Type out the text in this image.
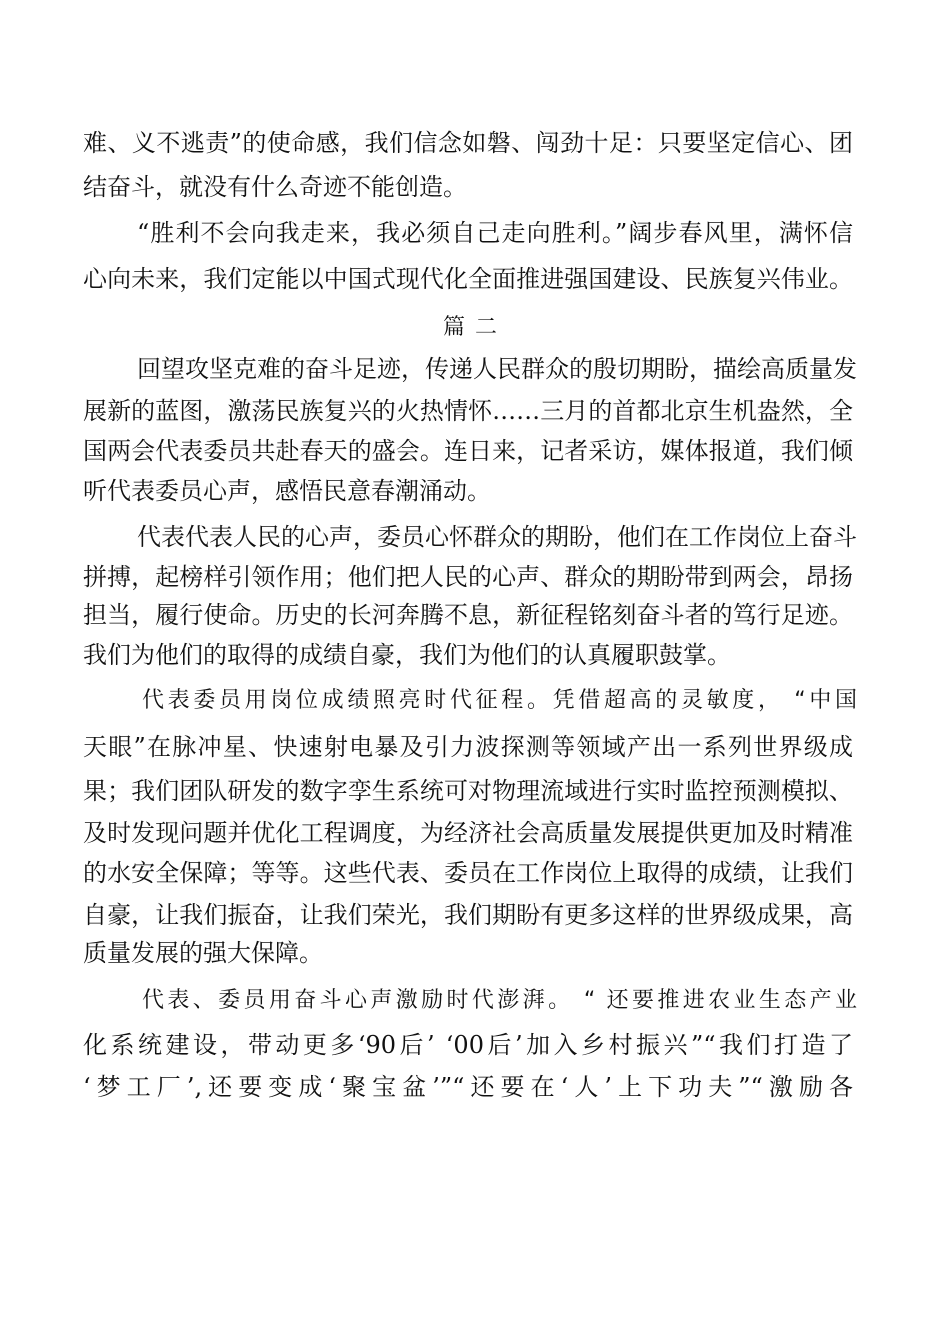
难、义不逃责”的使命感，我们信念如磐、闯劲十足：只要坚定信心、团
结奋斗，就没有什么奇迹不能创造。
“胜利不会向我走来，我必须自己走向胜利。”阔步春风里，满怀信
心向未来，我们定能以中国式现代化全面推进强国建设、民族复兴伟业。
篇二
回望攻坚克难的奋斗足迹，传递人民群众的殷切期盼，描绘高质量发
展新的蓝图，激荡民族复兴的火热情怀……三月的首都北京生机盎然，全
国两会代表委员共赴春天的盛会。连日来，记者采访，媒体报道，我们倾
听代表委员心声，感悟民意春潮涌动。
代表代表人民的心声，委员心怀群众的期盼，他们在工作岗位上奋斗
拼搏，起榜样引领作用；他们把人民的心声、群众的期盼带到两会，昂扬
担当，履行使命。历史的长河奔腾不息，新征程铭刻奋斗者的笃行足迹。
我们为他们的取得的成绩自豪，我们为他们的认真履职鼓掌。
代表委员用岗位成绩照亮时代征程。凭借超高的灵敏度， “中国
天眼”在脉冲星、快速射电暴及引力波探测等领域产出一系列世界级成
果；我们团队研发的数字孪生系统可对物理流域进行实时监控预测模拟、
及时发现问题并优化工程调度，为经济社会高质量发展提供更加及时精准
的水安全保障；等等。这些代表、委员在工作岗位上取得的成绩，让我们
自豪，让我们振奋，让我们荣光，我们期盼有更多这样的世界级成果，高
质量发展的强大保障。
代表、委员用奋斗心声激励时代澎湃。 “ 还要推进农业生态产业
化系统建设，带动更多‘90后’ ‘00后’加入乡村振兴”“我们打造了
‘梦工厂’,还要变成‘聚宝盆’”“还要在‘人’上下功夫”“激励各
